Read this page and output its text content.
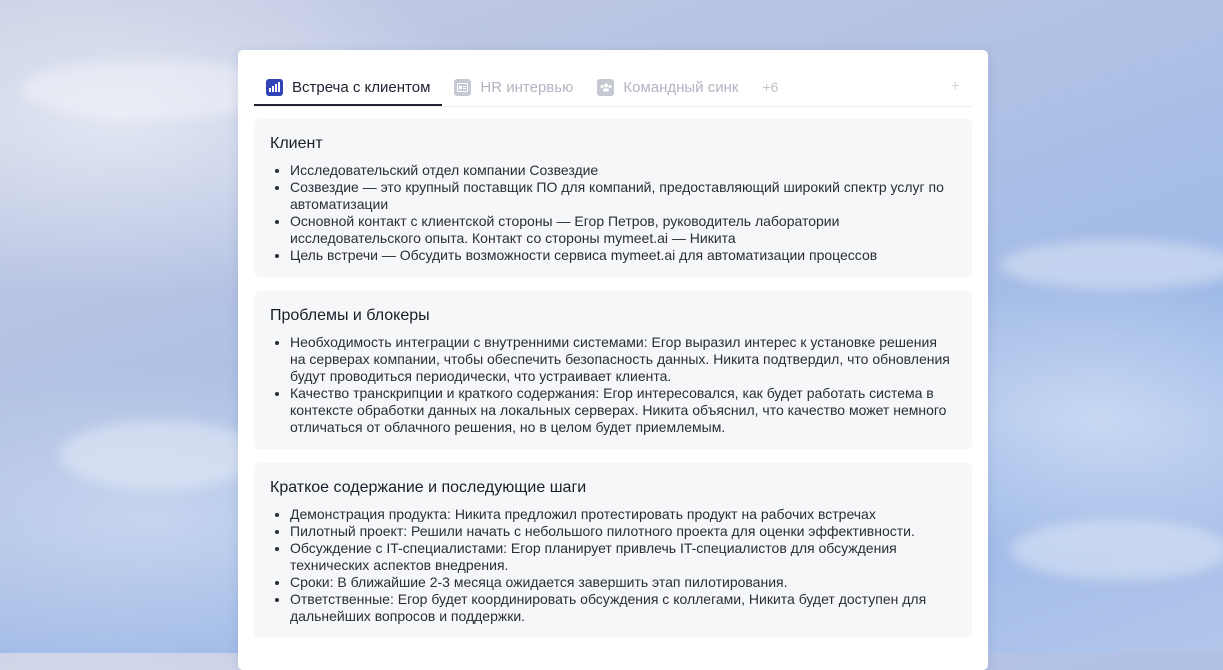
Встреча с клиентом	HR интервью	Командный синк	+6	+
Клиент
• Исследовательский отдел компании Созвездие
• Созвездие — это крупный поставщик ПО для компаний, предоставляющий широкий спектр услуг по автоматизации
• Основной контакт с клиентской стороны — Егор Петров, руководитель лаборатории исследовательского опыта. Контакт со стороны mymeet.ai — Никита
• Цель встречи — Обсудить возможности сервиса mymeet.ai для автоматизации процессов
Проблемы и блокеры
• Необходимость интеграции с внутренними системами: Егор выразил интерес к установке решения на серверах компании, чтобы обеспечить безопасность данных. Никита подтвердил, что обновления будут проводиться периодически, что устраивает клиента.
• Качество транскрипции и краткого содержания: Егор интересовался, как будет работать система в контексте обработки данных на локальных серверах. Никита объяснил, что качество может немного отличаться от облачного решения, но в целом будет приемлемым.
Краткое содержание и последующие шаги
• Демонстрация продукта: Никита предложил протестировать продукт на рабочих встречах
• Пилотный проект: Решили начать с небольшого пилотного проекта для оценки эффективности.
• Обсуждение с IT-специалистами: Егор планирует привлечь IT-специалистов для обсуждения технических аспектов внедрения.
• Сроки: В ближайшие 2-3 месяца ожидается завершить этап пилотирования.
• Ответственные: Егор будет координировать обсуждения с коллегами, Никита будет доступен для дальнейших вопросов и поддержки.
